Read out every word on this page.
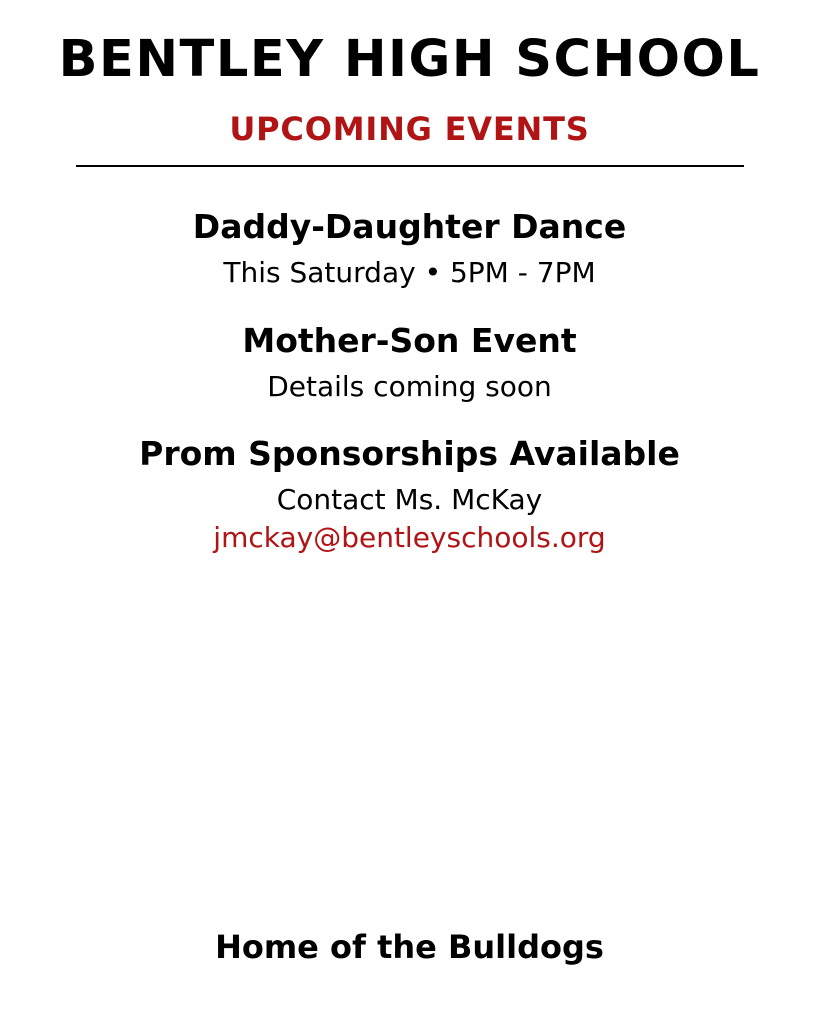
BENTLEY HIGH SCHOOL
UPCOMING EVENTS
Daddy-Daughter Dance
This Saturday • 5PM - 7PM
Mother-Son Event
Details coming soon
Prom Sponsorships Available
Contact Ms. McKay
jmckay@bentleyschools.org
Home of the Bulldogs
